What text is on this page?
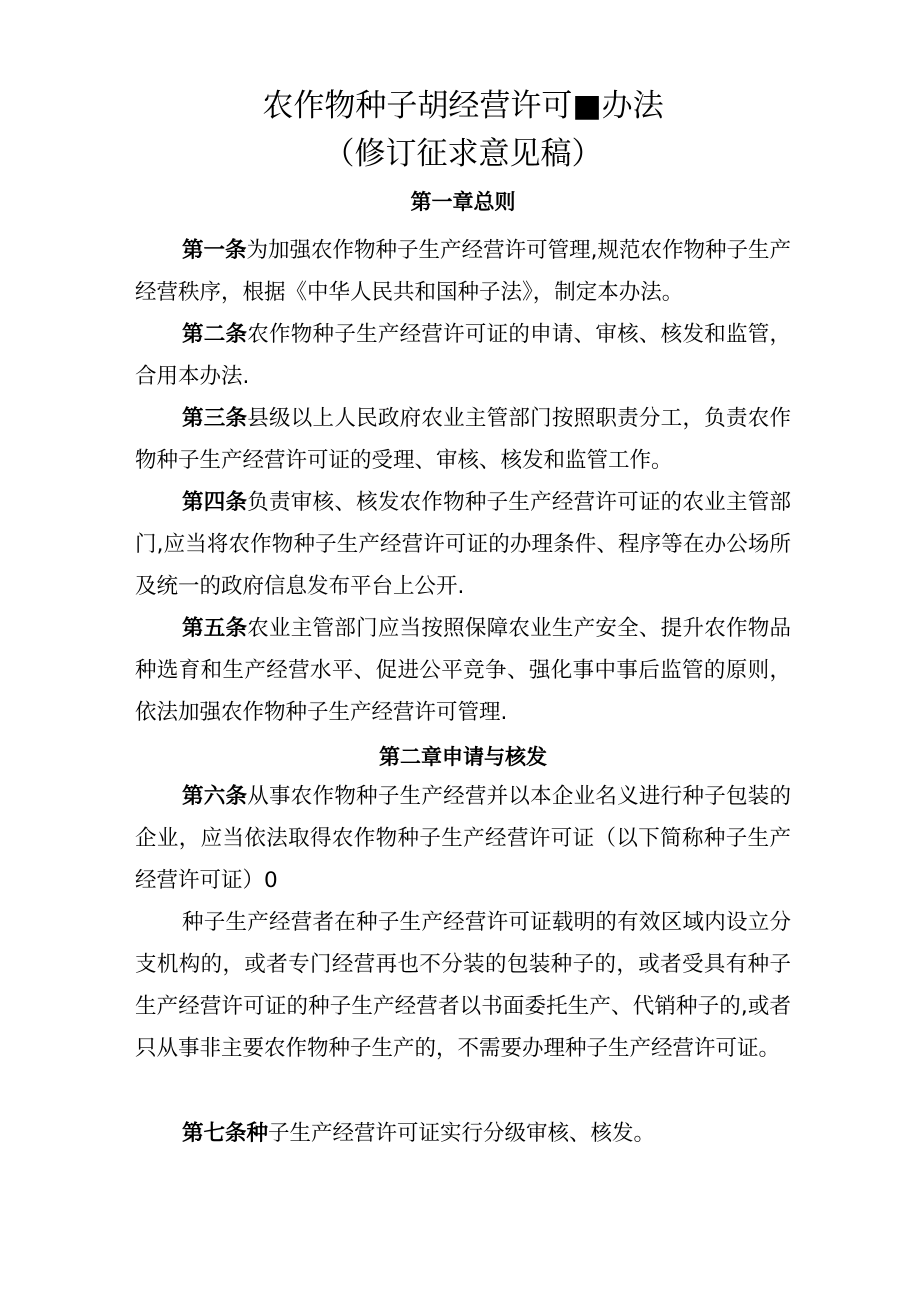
农作物种子胡经营许可■办法
（修订征求意见稿）
第一章总则

第一条为加强农作物种子生产经营许可管理,规范农作物种子生产经营秩序，根据《中华人民共和国种子法》，制定本办法。

第二条农作物种子生产经营许可证的申请、审核、核发和监管，合用本办法.

第三条县级以上人民政府农业主管部门按照职责分工，负责农作物种子生产经营许可证的受理、审核、核发和监管工作。

第四条负责审核、核发农作物种子生产经营许可证的农业主管部门,应当将农作物种子生产经营许可证的办理条件、程序等在办公场所及统一的政府信息发布平台上公开.

第五条农业主管部门应当按照保障农业生产安全、提升农作物品种选育和生产经营水平、促进公平竞争、强化事中事后监管的原则，依法加强农作物种子生产经营许可管理.

第二章申请与核发

第六条从事农作物种子生产经营并以本企业名义进行种子包装的企业，应当依法取得农作物种子生产经营许可证（以下简称种子生产经营许可证）0

种子生产经营者在种子生产经营许可证载明的有效区域内设立分支机构的，或者专门经营再也不分装的包装种子的，或者受具有种子生产经营许可证的种子生产经营者以书面委托生产、代销种子的,或者只从事非主要农作物种子生产的，不需要办理种子生产经营许可证。

第七条种子生产经营许可证实行分级审核、核发。
